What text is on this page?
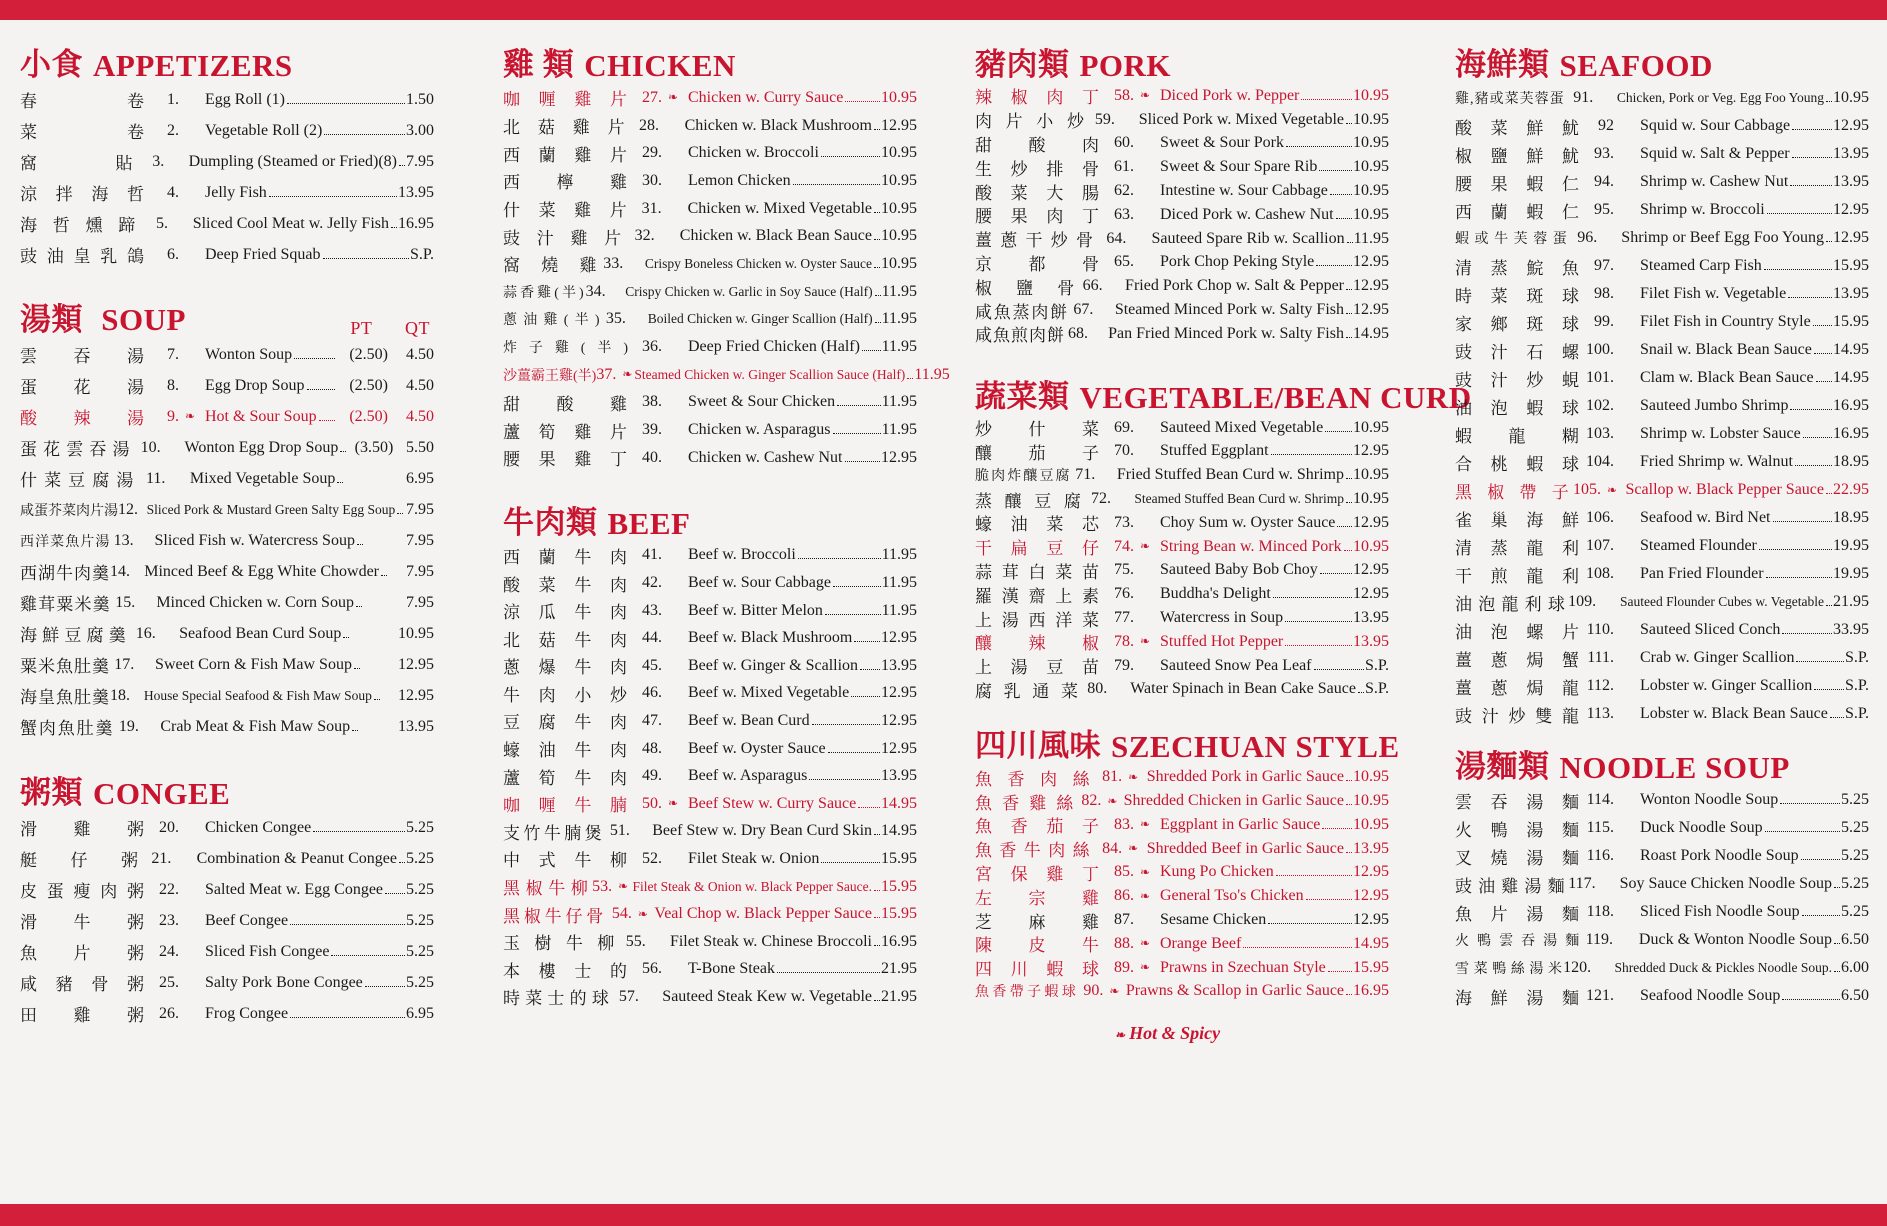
小食 APPETIZERS
春卷	1. Egg Roll (1)	1.50
菜卷	2. Vegetable Roll (2)	3.00
窩貼	3. Dumpling (Steamed or Fried)(8) 7.95
涼拌海哲	4. Jelly Fish	13.95
海哲燻蹄	5. Sliced Cool Meat w. Jelly Fish 16.95
豉油皇乳鴿	6. Deep Fried Squab	S.P.
湯類 SOUP	PT QT
雲吞湯	7. Wonton Soup	(2.50)	4.50
蛋花湯	8. Egg Drop Soup	(2.50)	4.50
酸辣湯	9. ❧ Hot & Sour Soup	(2.50)	4.50
蛋花雲吞湯 10. Wonton Egg Drop Soup	(3.50) 5.50
什菜豆腐湯 11. Mixed Vegetable Soup	6.95
咸蛋芥菜肉片湯 12. Sliced Pork & Mustard Green Salty Egg Soup 7.95
西洋菜魚片湯 13. Sliced Fish w. Watercress Soup	7.95
西湖牛肉羹 14. Minced Beef & Egg White Chowder 7.95
雞茸粟米羹 15. Minced Chicken w. Corn Soup	7.95
海鮮豆腐羹 16. Seafood Bean Curd Soup	10.95
粟米魚肚羹 17. Sweet Corn & Fish Maw Soup	12.95
海皇魚肚羹 18. House Special Seafood & Fish Maw Soup 12.95
蟹肉魚肚羹 19. Crab Meat & Fish Maw Soup	13.95
粥類 CONGEE
滑雞粥 20. Chicken Congee	5.25
艇仔粥 21. Combination & Peanut Congee 5.25
皮蛋瘦肉粥 22. Salted Meat w. Egg Congee 5.25
滑牛粥 23. Beef Congee	5.25
魚片粥 24. Sliced Fish Congee	5.25
咸豬骨粥 25. Salty Pork Bone Congee	5.25
田雞粥 26. Frog Congee	6.95
雞 類 CHICKEN
咖喱雞片 27. ❧ Chicken w. Curry Sauce 10.95
北菇雞片 28. Chicken w. Black Mushroom 12.95
西蘭雞片 29. Chicken w. Broccoli	10.95
西檸雞 30. Lemon Chicken	10.95
什菜雞片 31. Chicken w. Mixed Vegetable 10.95
豉汁雞片 32. Chicken w. Black Bean Sauce 10.95
窩燒雞 33. Crispy Boneless Chicken w. Oyster Sauce 10.95
蒜香雞(半) 34. Crispy Chicken w. Garlic in Soy Sauce (Half) 11.95
蔥油雞(半) 35. Boiled Chicken w. Ginger Scallion (Half) 11.95
炸子雞(半) 36. Deep Fried Chicken (Half) 11.95
沙薑霸王雞(半) 37. ❧ Steamed Chicken w. Ginger Scallion Sauce (Half) 11.95
甜酸雞 38. Sweet & Sour Chicken	11.95
蘆筍雞片 39. Chicken w. Asparagus	11.95
腰果雞丁 40. Chicken w. Cashew Nut 12.95
牛肉類 BEEF
西蘭牛肉 41. Beef w. Broccoli	11.95
酸菜牛肉 42. Beef w. Sour Cabbage	11.95
涼瓜牛肉 43. Beef w. Bitter Melon	11.95
北菇牛肉 44. Beef w. Black Mushroom 12.95
蔥爆牛肉 45. Beef w. Ginger & Scallion 13.95
牛肉小炒 46. Beef w. Mixed Vegetable 12.95
豆腐牛肉 47. Beef w. Bean Curd	12.95
蠔油牛肉 48. Beef w. Oyster Sauce	12.95
蘆筍牛肉 49. Beef w. Asparagus	13.95
咖喱牛腩 50. ❧ Beef Stew w. Curry Sauce 14.95
支竹牛腩煲 51. Beef Stew w. Dry Bean Curd Skin 14.95
中式牛柳 52. Filet Steak w. Onion	15.95
黑椒牛柳 53. ❧ Filet Steak & Onion w. Black Pepper Sauce. 15.95
黑椒牛仔骨 54. ❧ Veal Chop w. Black Pepper Sauce 15.95
玉樹牛柳 55. Filet Steak w. Chinese Broccoli 16.95
本樓士的 56. T-Bone Steak	21.95
時菜士的球 57. Sauteed Steak Kew w. Vegetable 21.95
豬肉類 PORK
辣椒肉丁 58. ❧ Diced Pork w. Pepper	10.95
肉片小炒 59. Sliced Pork w. Mixed Vegetable 10.95
甜酸肉 60. Sweet & Sour Pork	10.95
生炒排骨 61. Sweet & Sour Spare Rib 10.95
酸菜大腸 62. Intestine w. Sour Cabbage 10.95
腰果肉丁 63. Diced Pork w. Cashew Nut 10.95
薑蔥干炒骨 64. Sauteed Spare Rib w. Scallion 11.95
京都骨 65. Pork Chop Peking Style 12.95
椒鹽骨 66. Fried Pork Chop w. Salt & Pepper 12.95
咸魚蒸肉餅 67. Steamed Minced Pork w. Salty Fish 12.95
咸魚煎肉餅 68. Pan Fried Minced Pork w. Salty Fish 14.95
蔬菜類 VEGETABLE/BEAN CURD
炒什菜 69. Sauteed Mixed Vegetable 10.95
釀茄子 70. Stuffed Eggplant	12.95
脆肉炸釀豆腐 71. Fried Stuffed Bean Curd w. Shrimp 10.95
蒸釀豆腐 72. Steamed Stuffed Bean Curd w. Shrimp 10.95
蠔油菜芯 73. Choy Sum w. Oyster Sauce 12.95
干扁豆仔 74. ❧ String Bean w. Minced Pork 10.95
蒜茸白菜苗 75. Sauteed Baby Bob Choy 12.95
羅漢齋上素 76. Buddha's Delight	12.95
上湯西洋菜 77. Watercress in Soup	13.95
釀辣椒 78. ❧ Stuffed Hot Pepper	13.95
上湯豆苗 79. Sauteed Snow Pea Leaf	S.P.
腐乳通菜 80. Water Spinach in Bean Cake Sauce S.P.
四川風味 SZECHUAN STYLE
魚香肉絲 81. ❧ Shredded Pork in Garlic Sauce 10.95
魚香雞絲 82. ❧ Shredded Chicken in Garlic Sauce 10.95
魚香茄子 83. ❧ Eggplant in Garlic Sauce 10.95
魚香牛肉絲 84. ❧ Shredded Beef in Garlic Sauce 13.95
宮保雞丁 85. ❧ Kung Po Chicken	12.95
左宗雞 86. ❧ General Tso's Chicken	12.95
芝麻雞 87. Sesame Chicken	12.95
陳皮牛 88. ❧ Orange Beef	14.95
四川蝦球 89. ❧ Prawns in Szechuan Style 15.95
魚香帶子蝦球 90. ❧ Prawns & Scallop in Garlic Sauce 16.95
❧ Hot & Spicy
海鮮類 SEAFOOD
雞,豬或菜芙蓉蛋 91. Chicken, Pork or Veg. Egg Foo Young 10.95
酸菜鮮魷	92 Squid w. Sour Cabbage	12.95
椒鹽鮮魷 93. Squid w. Salt & Pepper	13.95
腰果蝦仁 94. Shrimp w. Cashew Nut	13.95
西蘭蝦仁 95. Shrimp w. Broccoli	12.95
蝦或牛芙蓉蛋 96. Shrimp or Beef Egg Foo Young 12.95
清蒸鯇魚 97. Steamed Carp Fish	15.95
時菜斑球 98. Filet Fish w. Vegetable	13.95
家鄉斑球 99. Filet Fish in Country Style 15.95
豉汁石螺 100. Snail w. Black Bean Sauce 14.95
豉汁炒蜆 101. Clam w. Black Bean Sauce 14.95
油泡蝦球 102. Sauteed Jumbo Shrimp	16.95
蝦龍糊 103. Shrimp w. Lobster Sauce 16.95
合桃蝦球 104. Fried Shrimp w. Walnut	18.95
黑椒帶子 105. ❧ Scallop w. Black Pepper Sauce 22.95
雀巢海鮮 106. Seafood w. Bird Net	18.95
清蒸龍利 107. Steamed Flounder	19.95
干煎龍利 108. Pan Fried Flounder	19.95
油泡龍利球 109. Sauteed Flounder Cubes w. Vegetable 21.95
油泡螺片 110. Sauteed Sliced Conch	33.95
薑蔥焗蟹 111. Crab w. Ginger Scallion	S.P.
薑蔥焗龍 112. Lobster w. Ginger Scallion S.P.
豉汁炒雙龍 113. Lobster w. Black Bean Sauce S.P.
湯麵類 NOODLE SOUP
雲吞湯麵 114. Wonton Noodle Soup	5.25
火鴨湯麵 115. Duck Noodle Soup	5.25
叉燒湯麵 116. Roast Pork Noodle Soup	5.25
豉油雞湯麵 117. Soy Sauce Chicken Noodle Soup 5.25
魚片湯麵 118. Sliced Fish Noodle Soup	5.25
火鴨雲吞湯麵 119. Duck & Wonton Noodle Soup 6.50
雪菜鴨絲湯米 120. Shredded Duck & Pickles Noodle Soup. 6.00
海鮮湯麵 121. Seafood Noodle Soup	6.50
